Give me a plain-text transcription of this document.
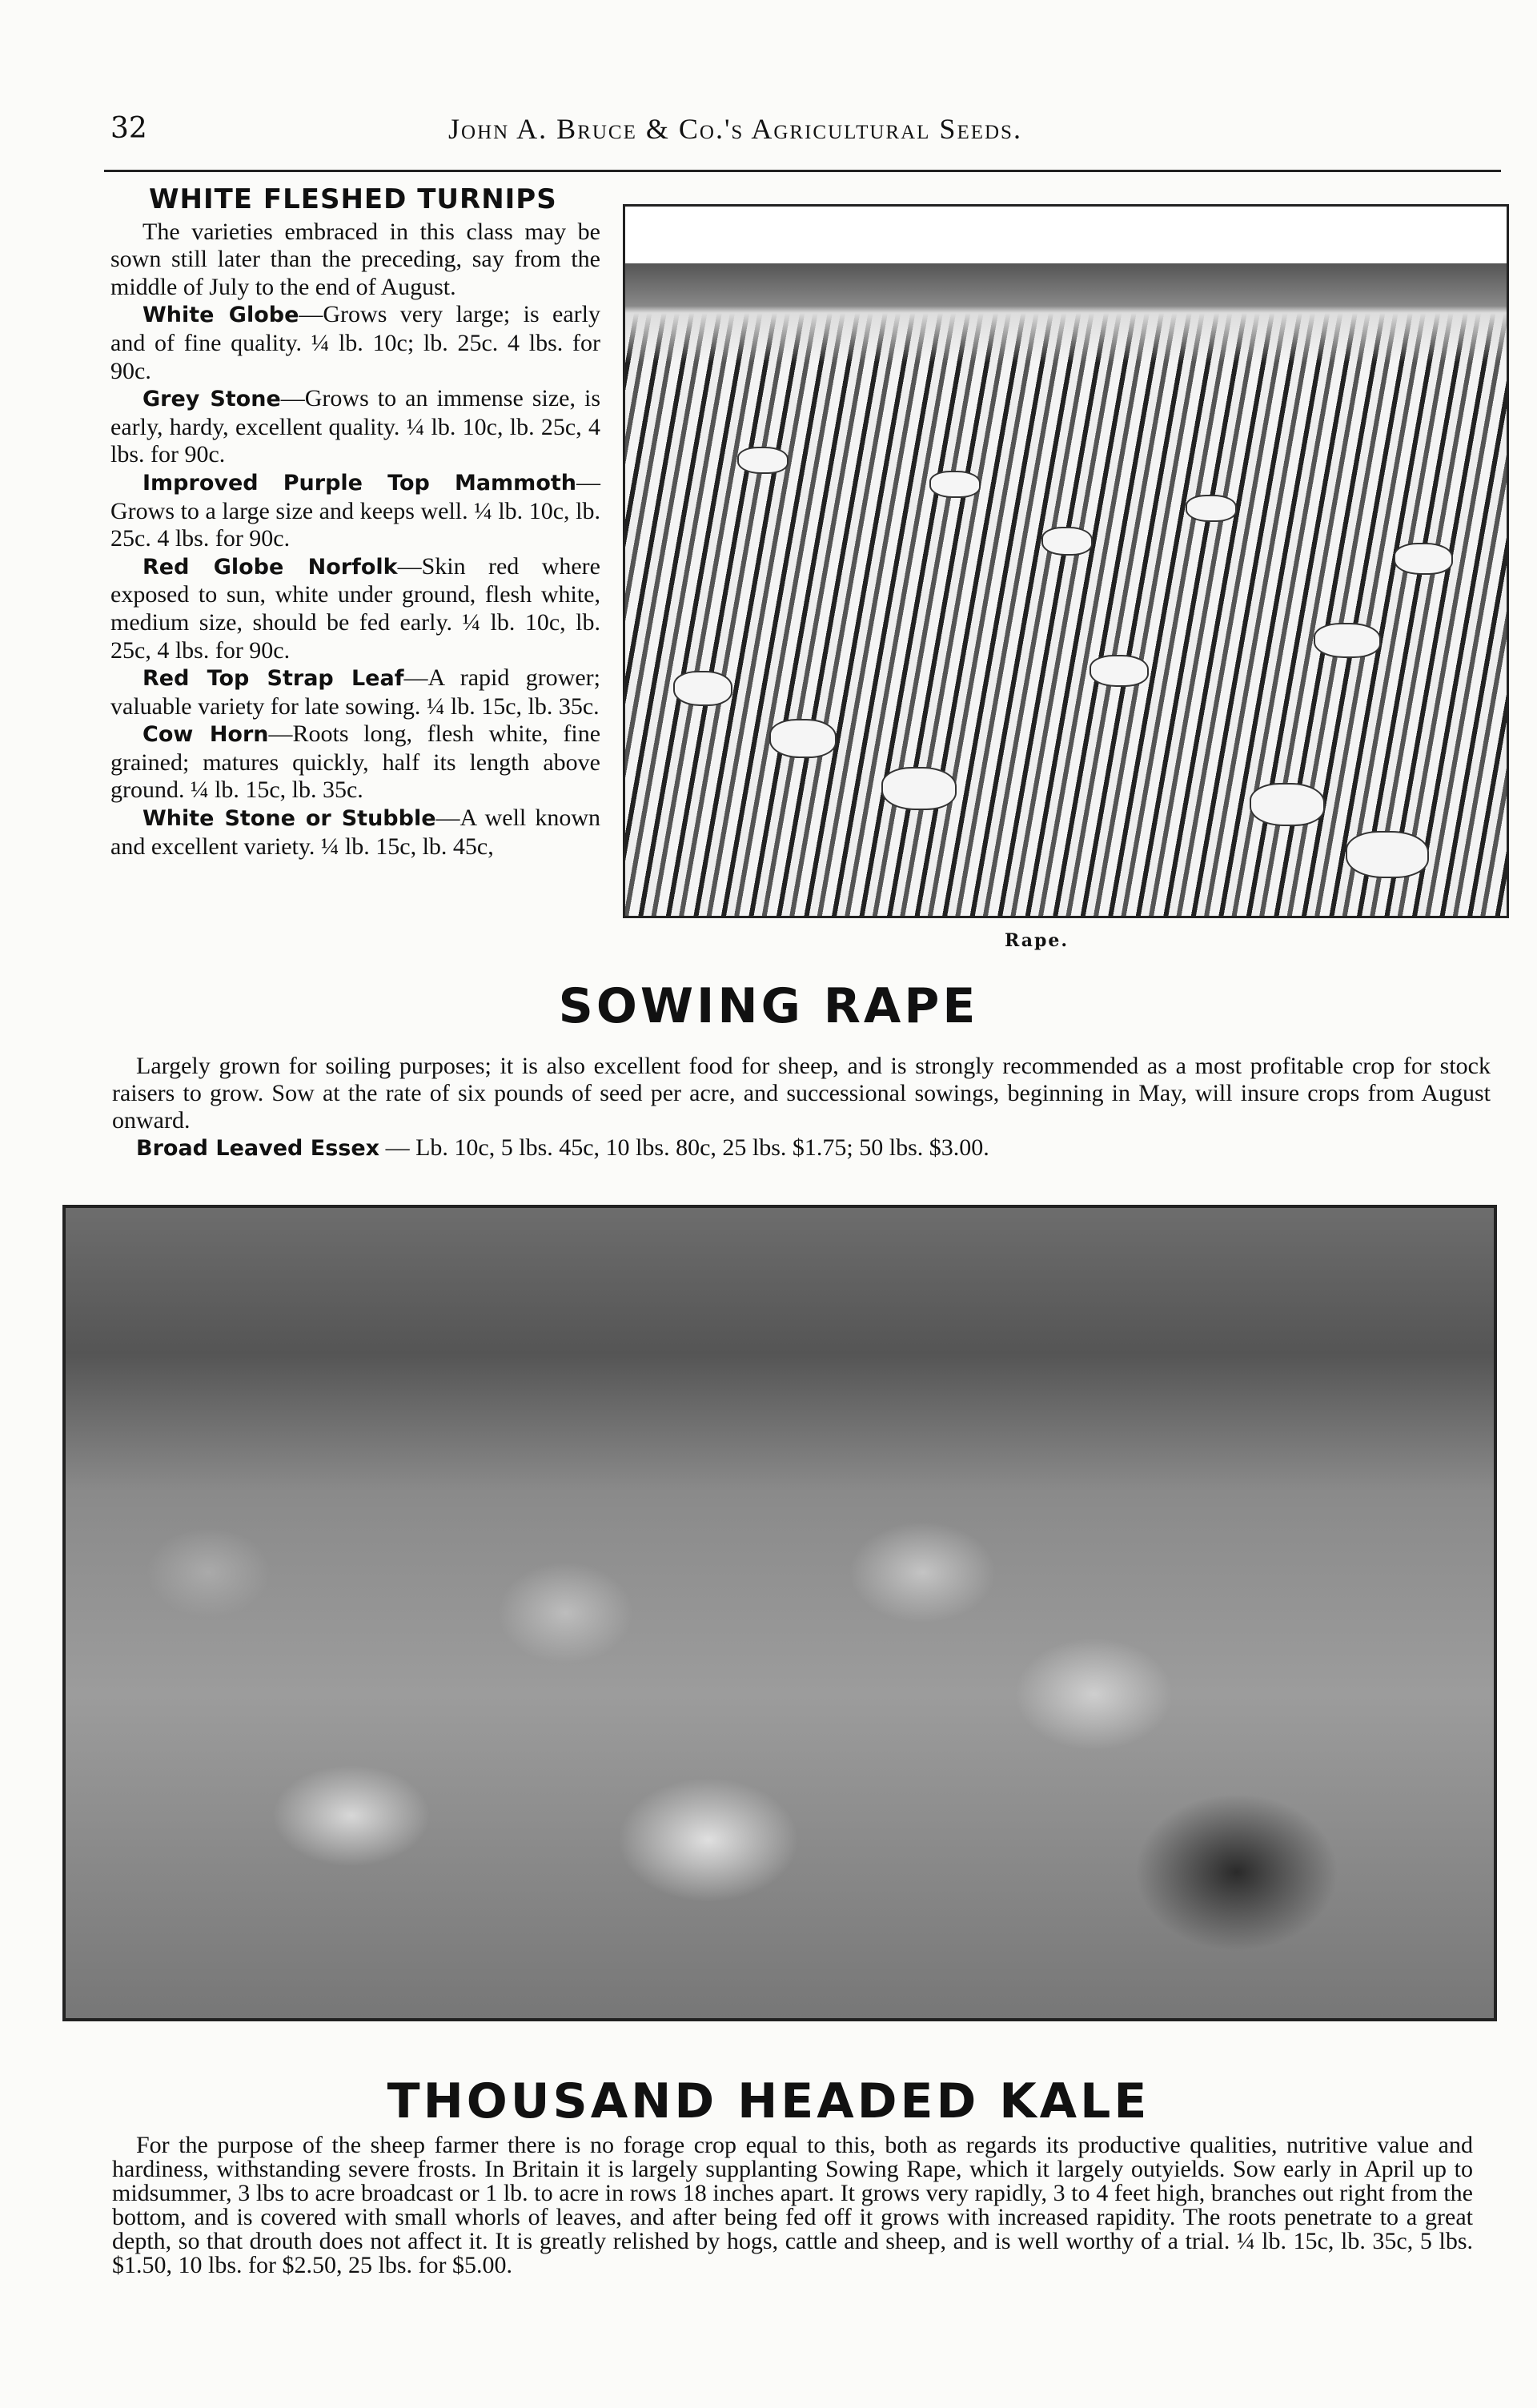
32	John A. Bruce & Co.'s Agricultural Seeds.
WHITE FLESHED TURNIPS

The varieties embraced in this class may be sown still later than the preceding, say from the middle of July to the end of August.

White Globe—Grows very large; is early and of fine quality. ¼ lb. 10c; lb. 25c. 4 lbs. for 90c.

Grey Stone—Grows to an immense size, is early, hardy, excellent quality. ¼ lb. 10c, lb. 25c, 4 lbs. for 90c.

Improved Purple Top Mammoth—Grows to a large size and keeps well. ¼ lb. 10c, lb. 25c. 4 lbs. for 90c.

Red Globe Norfolk—Skin red where exposed to sun, white under ground, flesh white, medium size, should be fed early. ¼ lb. 10c, lb. 25c, 4 lbs. for 90c.

Red Top Strap Leaf—A rapid grower; valuable variety for late sowing. ¼ lb. 15c, lb. 35c.

Cow Horn—Roots long, flesh white, fine grained; matures quickly, half its length above ground. ¼ lb. 15c, lb. 35c.

White Stone or Stubble—A well known and excellent variety. ¼ lb. 15c, lb. 45c,

Rape.
SOWING RAPE

Largely grown for soiling purposes; it is also excellent food for sheep, and is strongly recommended as a most profitable crop for stock raisers to grow. Sow at the rate of six pounds of seed per acre, and successional sowings, beginning in May, will insure crops from August onward.

Broad Leaved Essex — Lb. 10c, 5 lbs. 45c, 10 lbs. 80c, 25 lbs. $1.75; 50 lbs. $3.00.

THOUSAND HEADED KALE

For the purpose of the sheep farmer there is no forage crop equal to this, both as regards its productive qualities, nutritive value and hardiness, withstanding severe frosts. In Britain it is largely supplanting Sowing Rape, which it largely outyields. Sow early in April up to midsummer, 3 lbs to acre broadcast or 1 lb. to acre in rows 18 inches apart. It grows very rapidly, 3 to 4 feet high, branches out right from the bottom, and is covered with small whorls of leaves, and after being fed off it grows with increased rapidity. The roots penetrate to a great depth, so that drouth does not affect it. It is greatly relished by hogs, cattle and sheep, and is well worthy of a trial. ¼ lb. 15c, lb. 35c, 5 lbs. $1.50, 10 lbs. for $2.50, 25 lbs. for $5.00.
